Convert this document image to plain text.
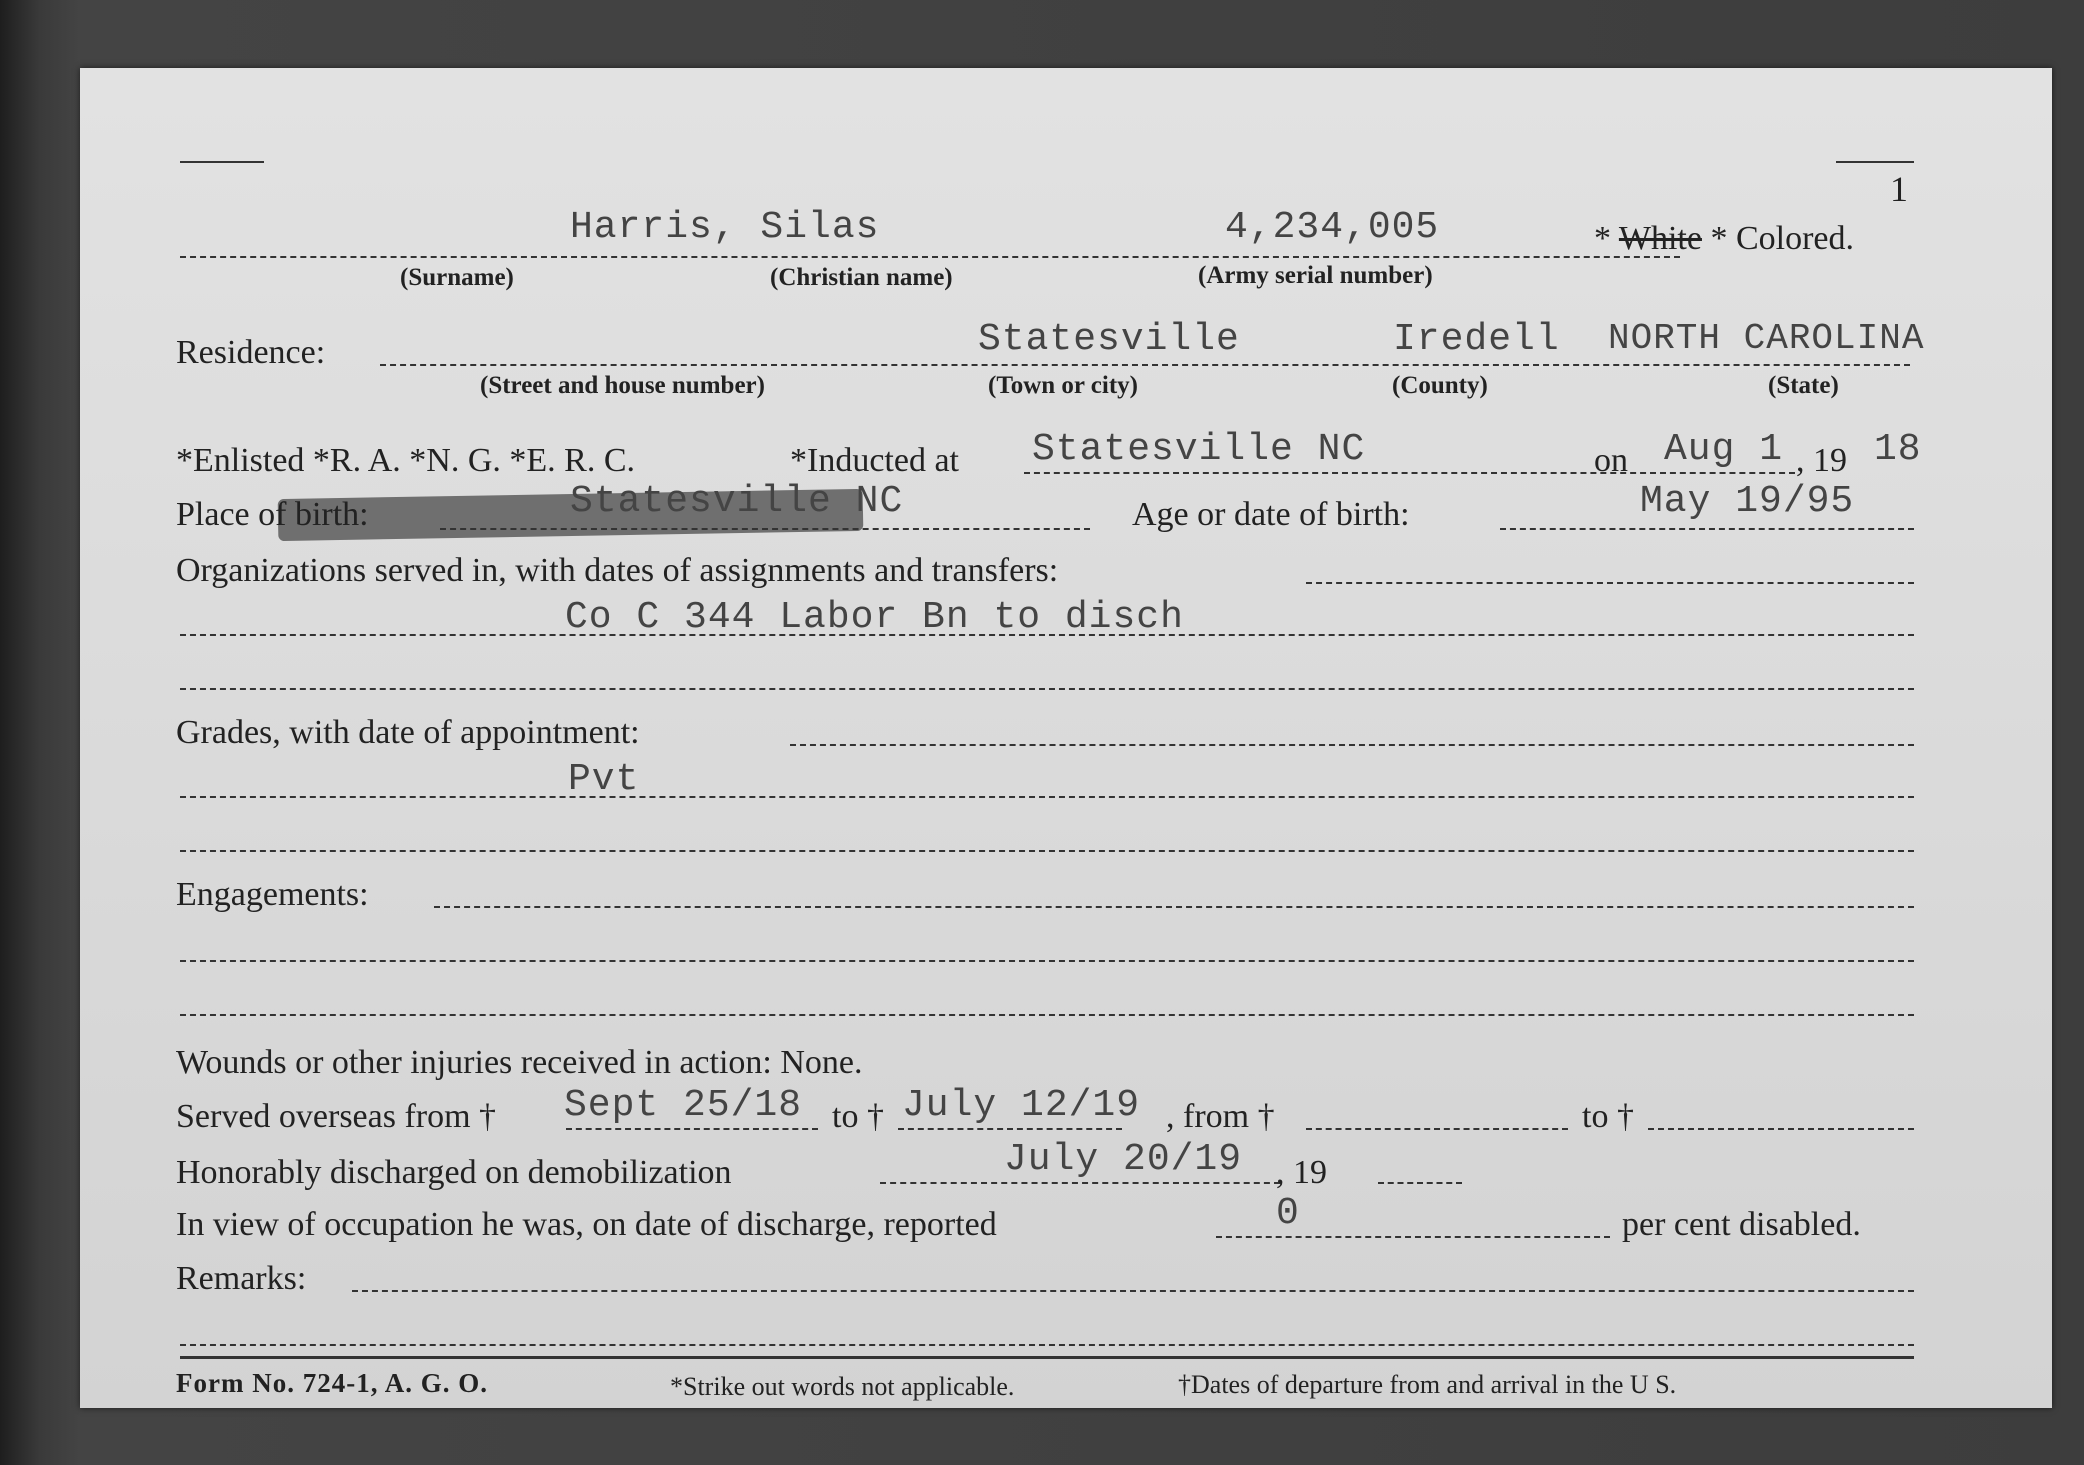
1
Harris, Silas	4,234,005	* White * Colored.
(Surname)	(Christian name)	(Army serial number)
Residence:	Statesville	Iredell NORTH CAROLINA
(Street and house number)	(Town or city)	(County)	(State)
*Enlisted *R. A. *N. G. *E. R. C.	*Inducted at Statesville NC	on Aug 1 , 19 18
Place of birth:	Statesville NC	Age or date of birth:	May 19/95
Organizations served in, with dates of assignments and transfers:
Co C 344 Labor Bn to disch
Grades, with date of appointment:
Pvt
Engagements:
Wounds or other injuries received in action: None.
Served overseas from † Sept 25/18 to † July 12/19 , from †	to †
Honorably discharged on demobilization	July 20/19 , 19
In view of occupation he was, on date of discharge, reported	0	per cent disabled.
Remarks:
Form No. 724-1, A. G. O.	*Strike out words not applicable.	†Dates of departure from and arrival in the U S.
